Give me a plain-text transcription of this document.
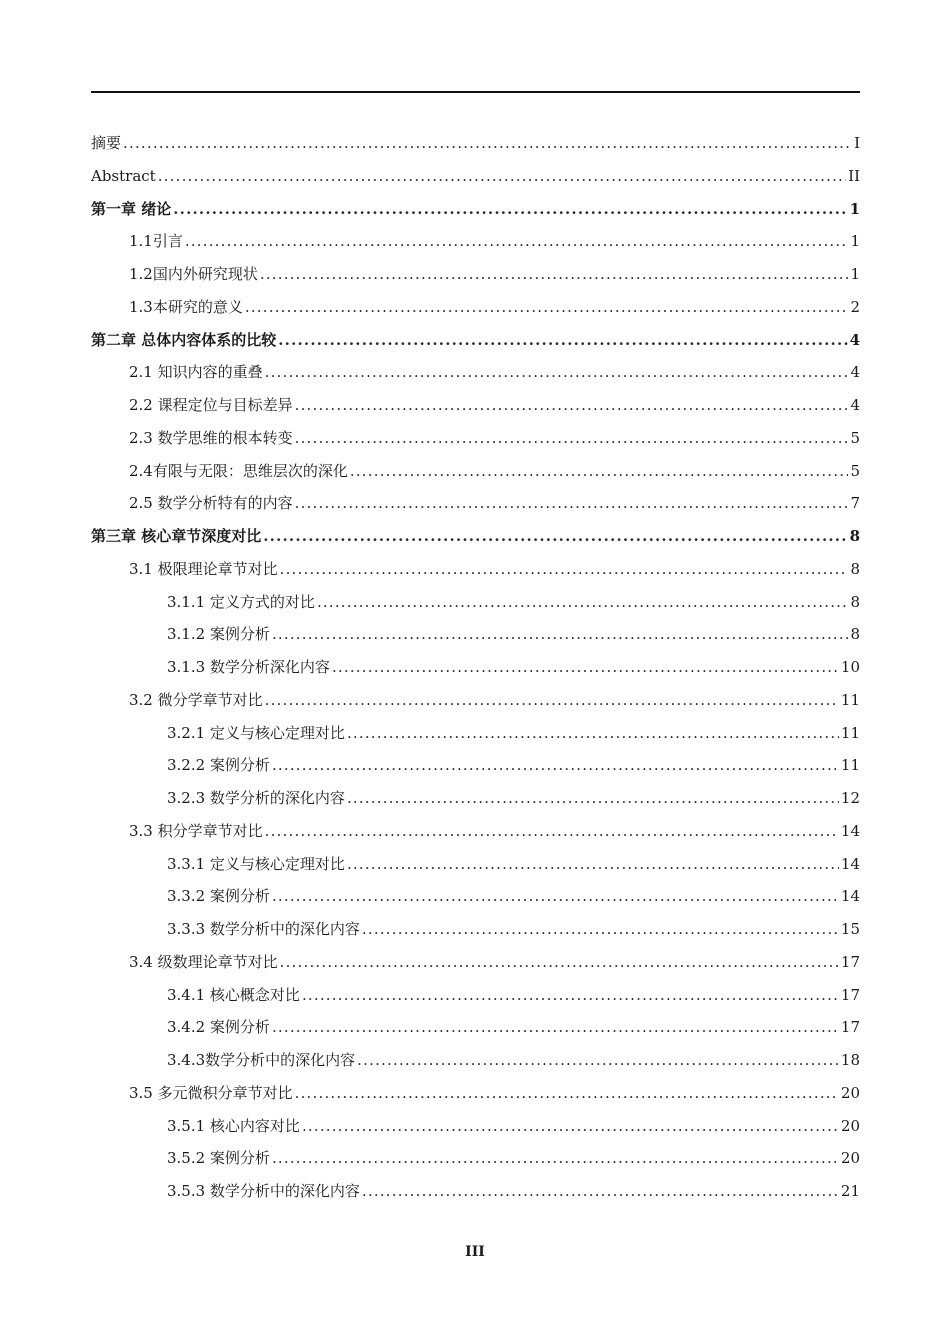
摘要 .....	I
Abstract .....	II
第一章 绪论 .....	1
1.1引言 .....	1
1.2国内外研究现状 .....	1
1.3本研究的意义 .....	2
第二章 总体内容体系的比较 .....	4
2.1 知识内容的重叠 .....	4
2.2 课程定位与目标差异 .....	4
2.3 数学思维的根本转变 .....	5
2.4有限与无限：思维层次的深化 .....	5
2.5 数学分析特有的内容 .....	7
第三章 核心章节深度对比 .....	8
3.1 极限理论章节对比 .....	8
3.1.1 定义方式的对比 .....	8
3.1.2 案例分析 .....	8
3.1.3 数学分析深化内容 .....	10
3.2 微分学章节对比 .....	11
3.2.1 定义与核心定理对比 .....	11
3.2.2 案例分析 .....	11
3.2.3 数学分析的深化内容 .....	12
3.3 积分学章节对比 .....	14
3.3.1 定义与核心定理对比 .....	14
3.3.2 案例分析 .....	14
3.3.3 数学分析中的深化内容 .....	15
3.4 级数理论章节对比 .....	17
3.4.1 核心概念对比 .....	17
3.4.2 案例分析 .....	17
3.4.3数学分析中的深化内容 .....	18
3.5 多元微积分章节对比 .....	20
3.5.1 核心内容对比 .....	20
3.5.2 案例分析 .....	20
3.5.3 数学分析中的深化内容 .....	21
III
